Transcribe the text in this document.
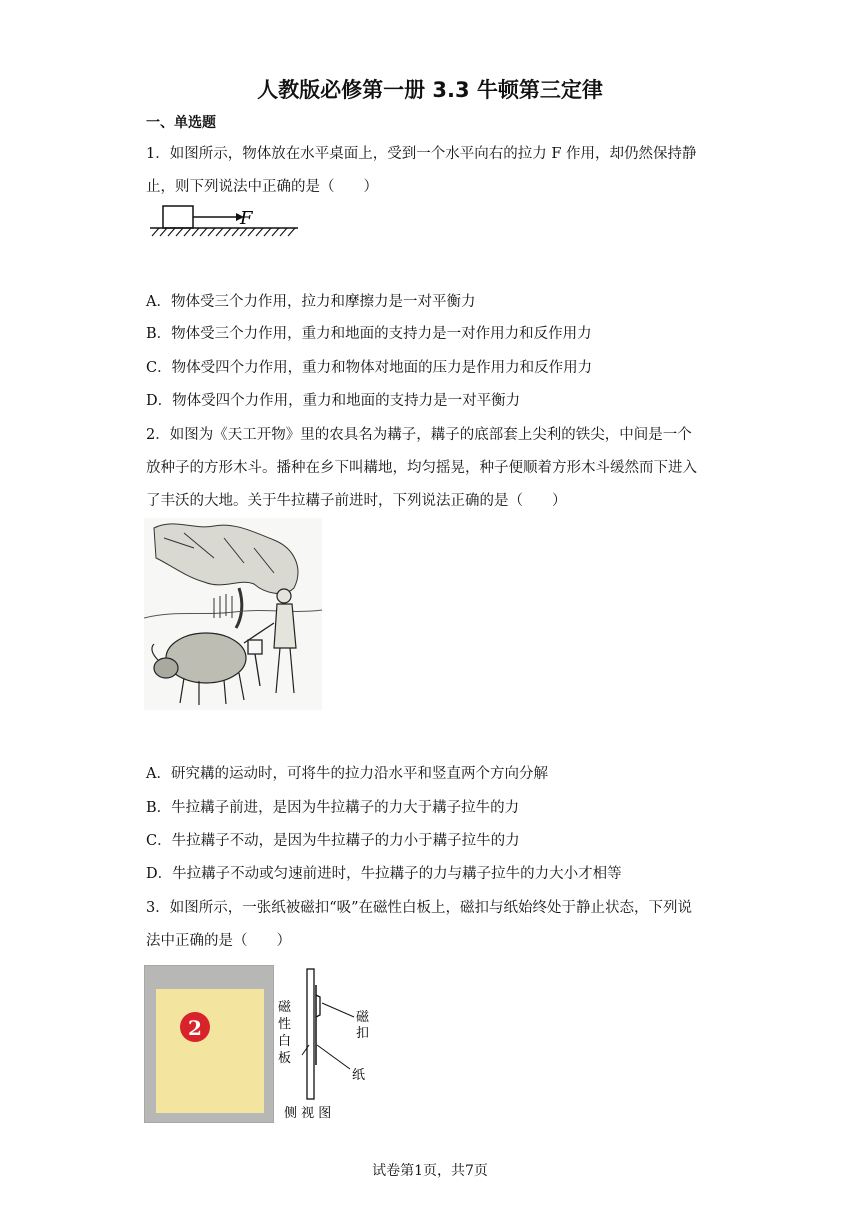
人教版必修第一册 3.3 牛顿第三定律
一、单选题
1．如图所示，物体放在水平桌面上，受到一个水平向右的拉力 F 作用，却仍然保持静
止，则下列说法中正确的是（　　）
F
A．物体受三个力作用，拉力和摩擦力是一对平衡力
B．物体受三个力作用，重力和地面的支持力是一对作用力和反作用力
C．物体受四个力作用，重力和物体对地面的压力是作用力和反作用力
D．物体受四个力作用，重力和地面的支持力是一对平衡力
2．如图为《天工开物》里的农具名为耩子，耩子的底部套上尖利的铁尖，中间是一个
放种子的方形木斗。播种在乡下叫耩地，均匀摇晃，种子便顺着方形木斗缓然而下进入
了丰沃的大地。关于牛拉耩子前进时，下列说法正确的是（　　）
A．研究耩的运动时，可将牛的拉力沿水平和竖直两个方向分解
B．牛拉耩子前进，是因为牛拉耩子的力大于耩子拉牛的力
C．牛拉耩子不动，是因为牛拉耩子的力小于耩子拉牛的力
D．牛拉耩子不动或匀速前进时，牛拉耩子的力与耩子拉牛的力大小才相等
3．如图所示，一张纸被磁扣“吸”在磁性白板上，磁扣与纸始终处于静止状态，下列说
法中正确的是（　　）
2	磁
扣
磁
性
白
板
纸
侧 视 图
试卷第1页，共7页
